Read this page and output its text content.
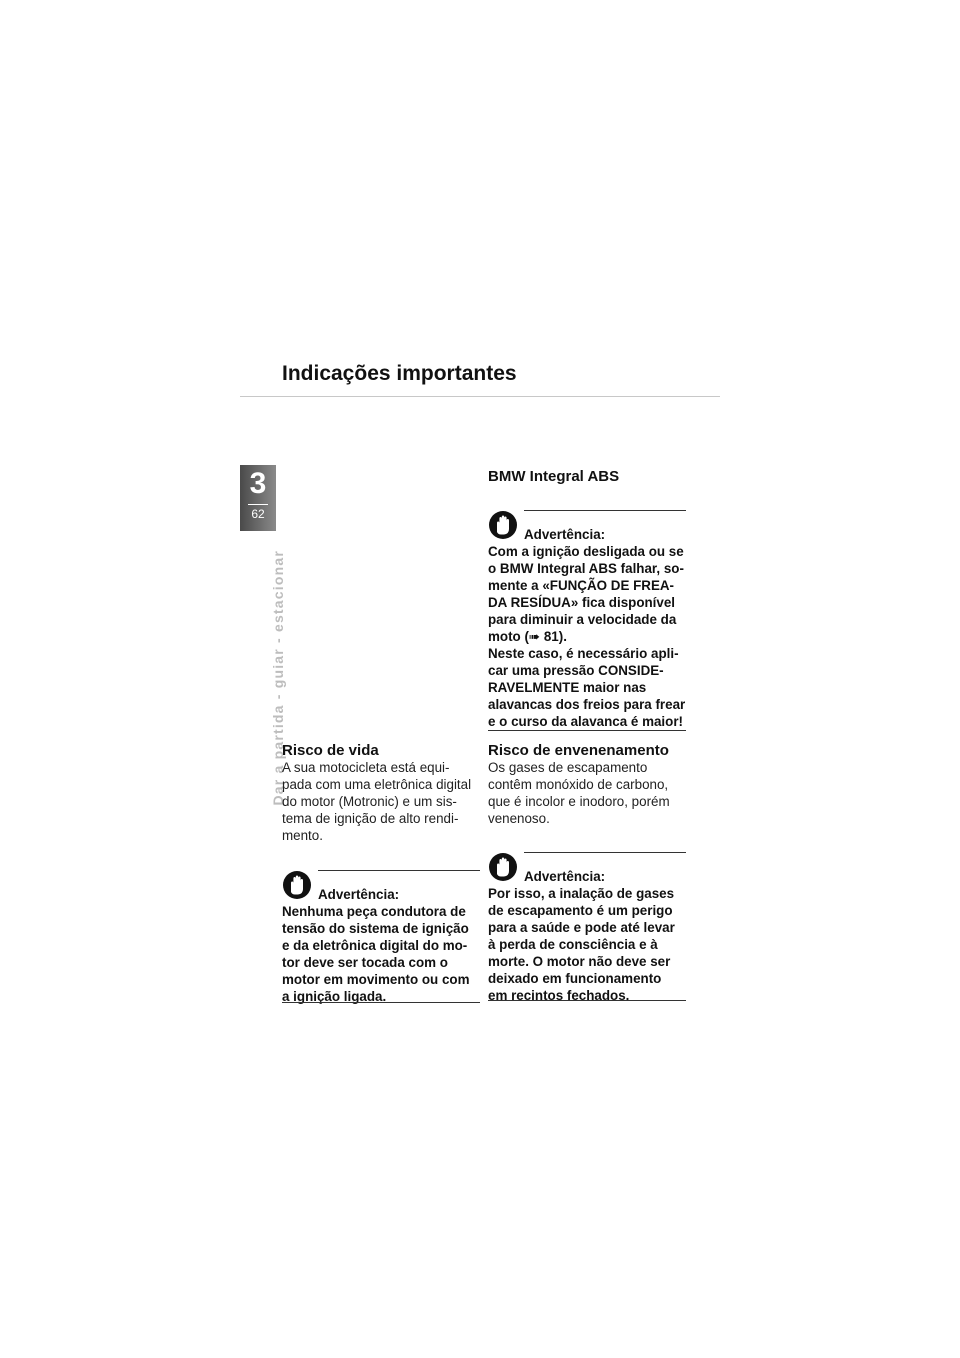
Indicações importantes
3
62
Dar a partida - guiar - estacionar
BMW Integral ABS
Advertência:

Com a ignição desligada ou se
o BMW Integral ABS falhar, so-
mente a «FUNÇÃO DE FREA-
DA RESÍDUA» fica disponível
para diminuir a velocidade da
moto (➠ 81).
Neste caso, é necessário apli-
car uma pressão CONSIDE-
RAVELMENTE maior nas
alavancas dos freios para frear
e o curso da alavanca é maior!

Risco de vida

A sua motocicleta está equi-
pada com uma eletrônica digital
do motor (Motronic) e um sis-
tema de ignição de alto rendi-
mento.

Advertência:

Nenhuma peça condutora de
tensão do sistema de ignição
e da eletrônica digital do mo-
tor deve ser tocada com o
motor em movimento ou com
a ignição ligada.

Risco de envenenamento

Os gases de escapamento
contêm monóxido de carbono,
que é incolor e inodoro, porém
venenoso.

Advertência:

Por isso, a inalação de gases
de escapamento é um perigo
para a saúde e pode até levar
à perda de consciência e à
morte. O motor não deve ser
deixado em funcionamento
em recintos fechados.
